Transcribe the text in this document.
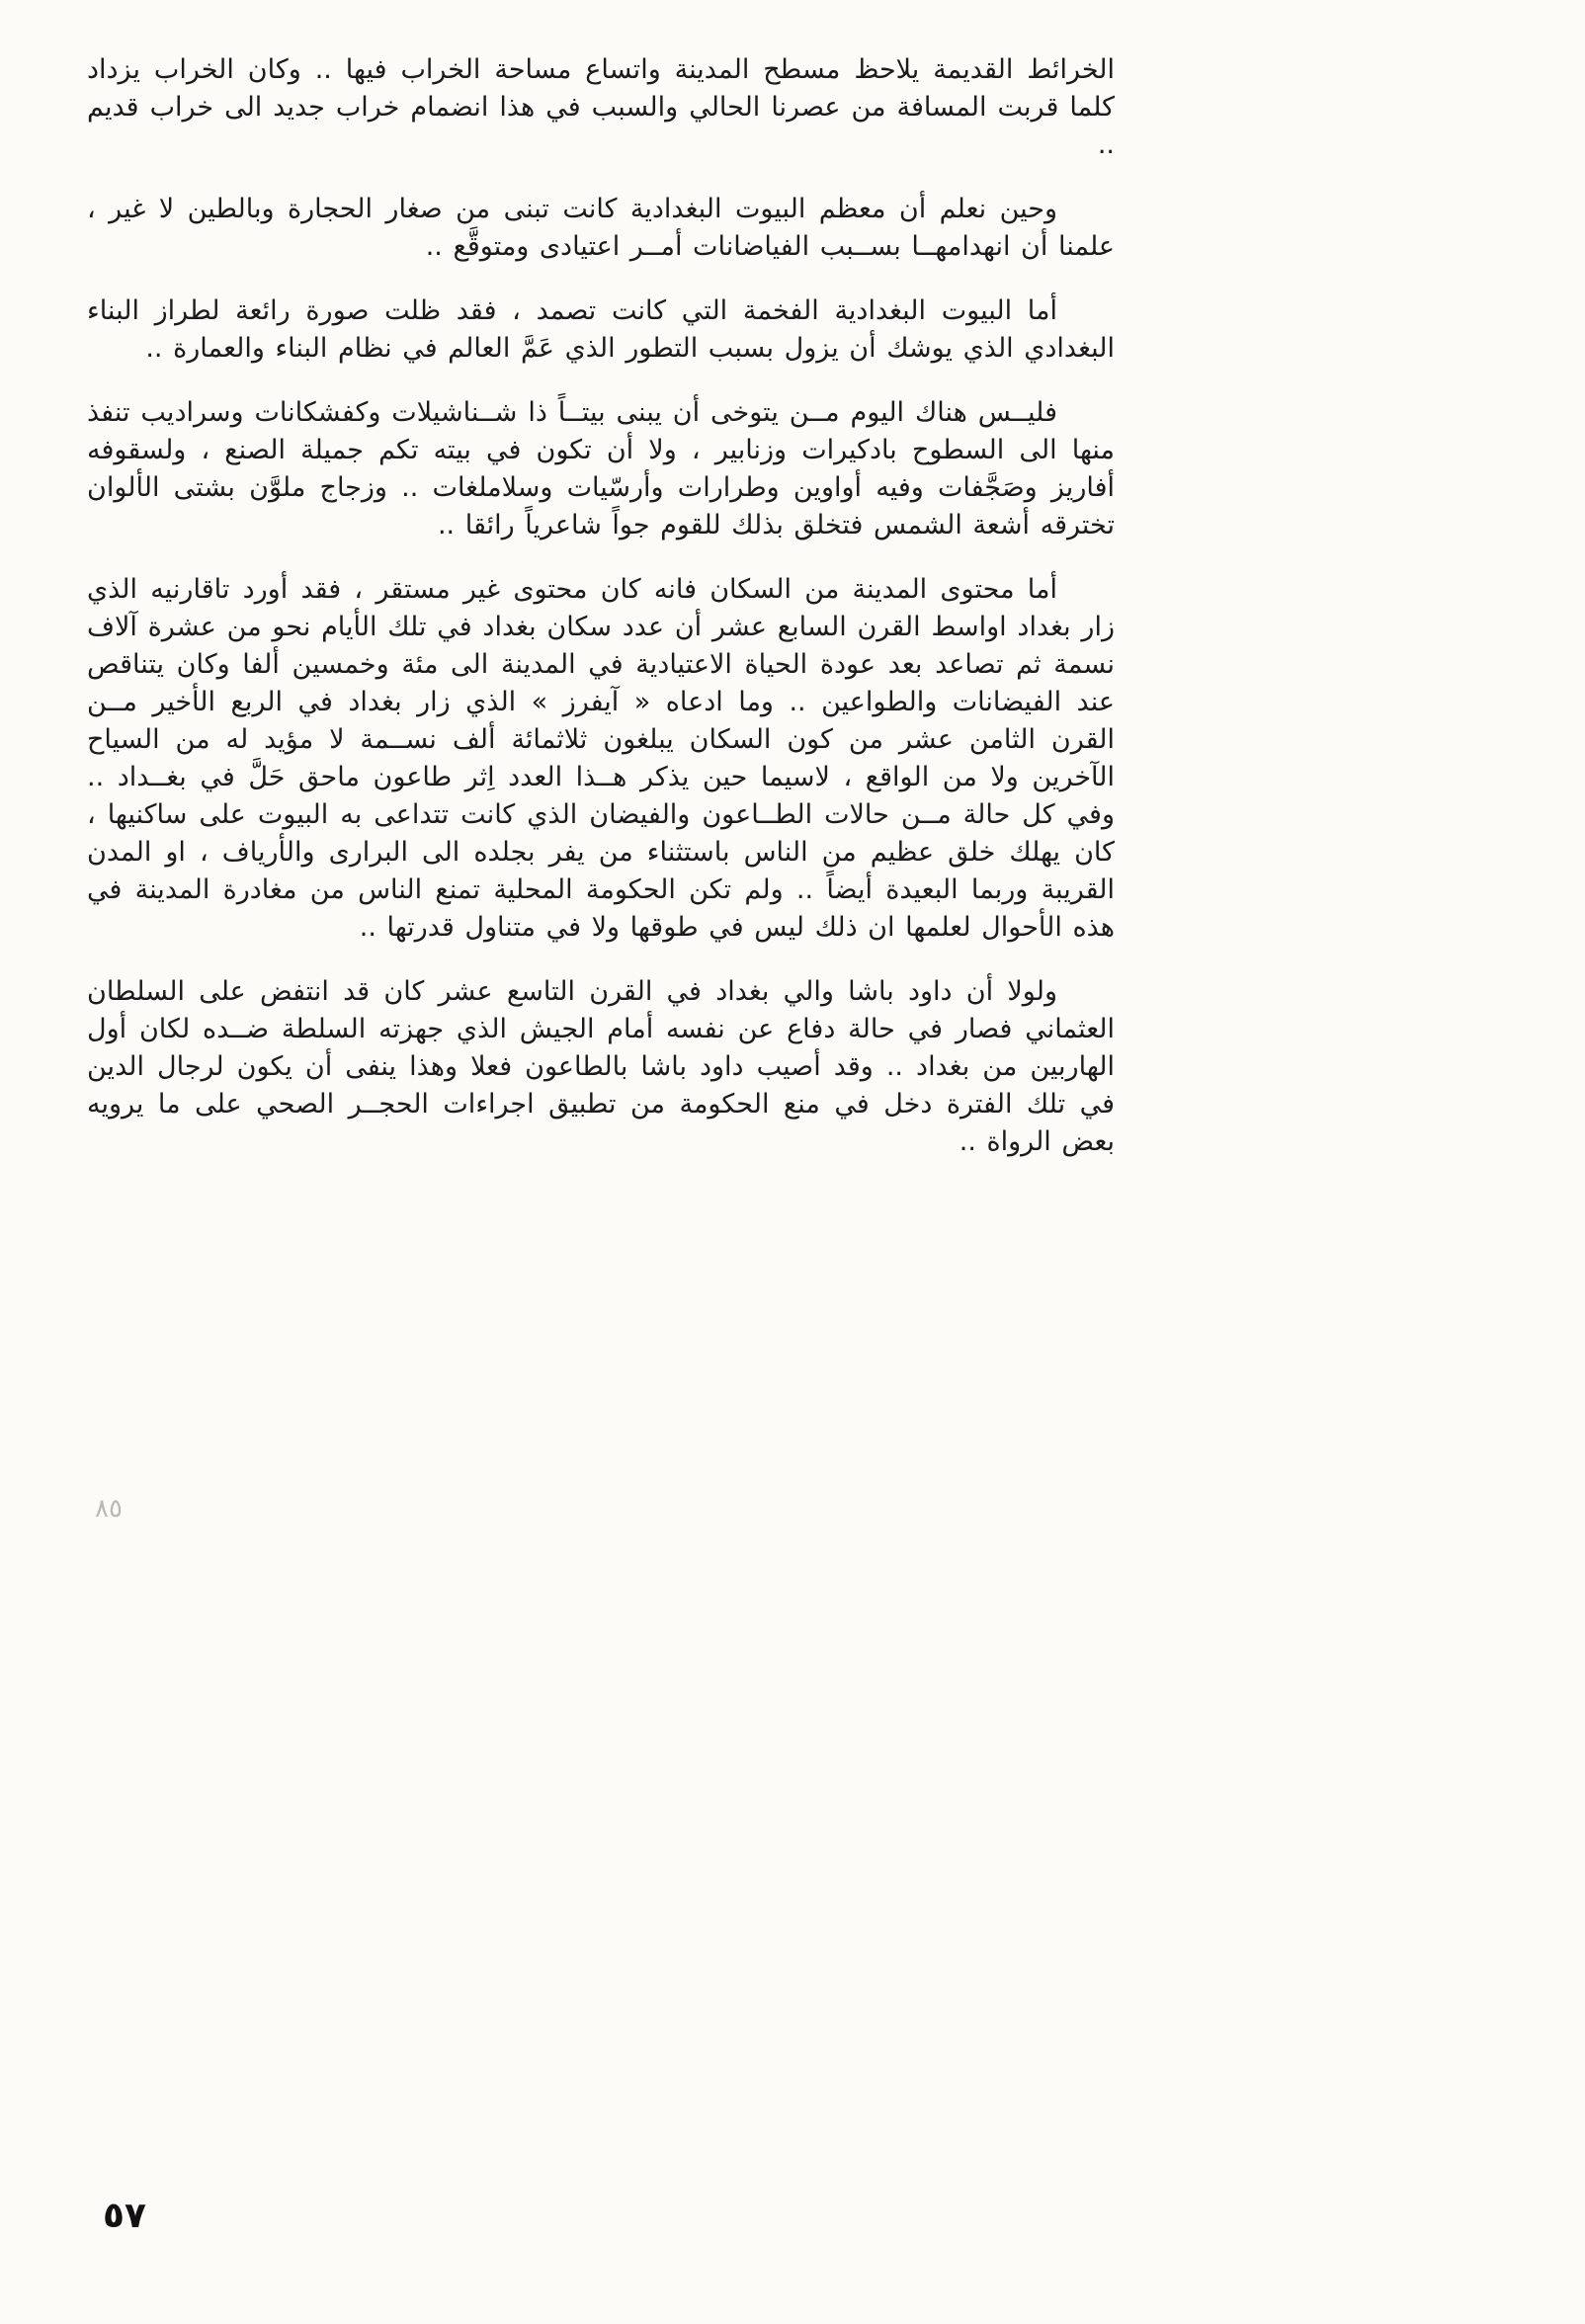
الخرائط القديمة يلاحظ مسطح المدينة واتساع مساحة الخراب فيها .. وكان الخراب يزداد كلما قربت المسافة من عصرنا الحالي والسبب في هذا انضمام خراب جديد الى خراب قديم ..

وحين نعلم أن معظم البيوت البغدادية كانت تبنى من صغار الحجارة وبالطين لا غير ، علمنا أن انهدامهــا بســبب الفياضانات أمــر اعتيادى ومتوقَّع ..

أما البيوت البغدادية الفخمة التي كانت تصمد ، فقد ظلت صورة رائعة لطراز البناء البغدادي الذي يوشك أن يزول بسبب التطور الذي عَمَّ العالم في نظام البناء والعمارة ..

فليــس هناك اليوم مــن يتوخى أن يبنى بيتــاً ذا شــناشيلات وكفشكانات وسراديب تنفذ منها الى السطوح بادكيرات وزنابير ، ولا أن تكون في بيته تكم جميلة الصنع ، ولسقوفه أفاريز وصَجَّفات وفيه أواوين وطرارات وأرسّيات وسلاملغات .. وزجاج ملوَّن بشتى الألوان تخترقه أشعة الشمس فتخلق بذلك للقوم جواً شاعرياً رائقا ..

أما محتوى المدينة من السكان فانه كان محتوى غير مستقر ، فقد أورد تاقارنيه الذي زار بغداد اواسط القرن السابع عشر أن عدد سكان بغداد في تلك الأيام نحو من عشرة آلاف نسمة ثم تصاعد بعد عودة الحياة الاعتيادية في المدينة الى مئة وخمسين ألفا وكان يتناقص عند الفيضانات والطواعين .. وما ادعاه « آيفرز » الذي زار بغداد في الربع الأخير مــن القرن الثامن عشر من كون السكان يبلغون ثلاثمائة ألف نســمة لا مؤيد له من السياح الآخرين ولا من الواقع ، لاسيما حين يذكر هــذا العدد اِثر طاعون ماحق حَلَّ في بغــداد .. وفي كل حالة مــن حالات الطــاعون والفيضان الذي كانت تتداعى به البيوت على ساكنيها ، كان يهلك خلق عظيم من الناس باستثناء من يفر بجلده الى البرارى والأرياف ، او المدن القريبة وربما البعيدة أيضاً .. ولم تكن الحكومة المحلية تمنع الناس من مغادرة المدينة في هذه الأحوال لعلمها ان ذلك ليس في طوقها ولا في متناول قدرتها ..

ولولا أن داود باشا والي بغداد في القرن التاسع عشر كان قد انتفض على السلطان العثماني فصار في حالة دفاع عن نفسه أمام الجيش الذي جهزته السلطة ضــده لكان أول الهاربين من بغداد .. وقد أصيب داود باشا بالطاعون فعلا وهذا ينفى أن يكون لرجال الدين في تلك الفترة دخل في منع الحكومة من تطبيق اجراءات الحجــر الصحي على ما يرويه بعض الرواة ..

٨٥
٥٧
